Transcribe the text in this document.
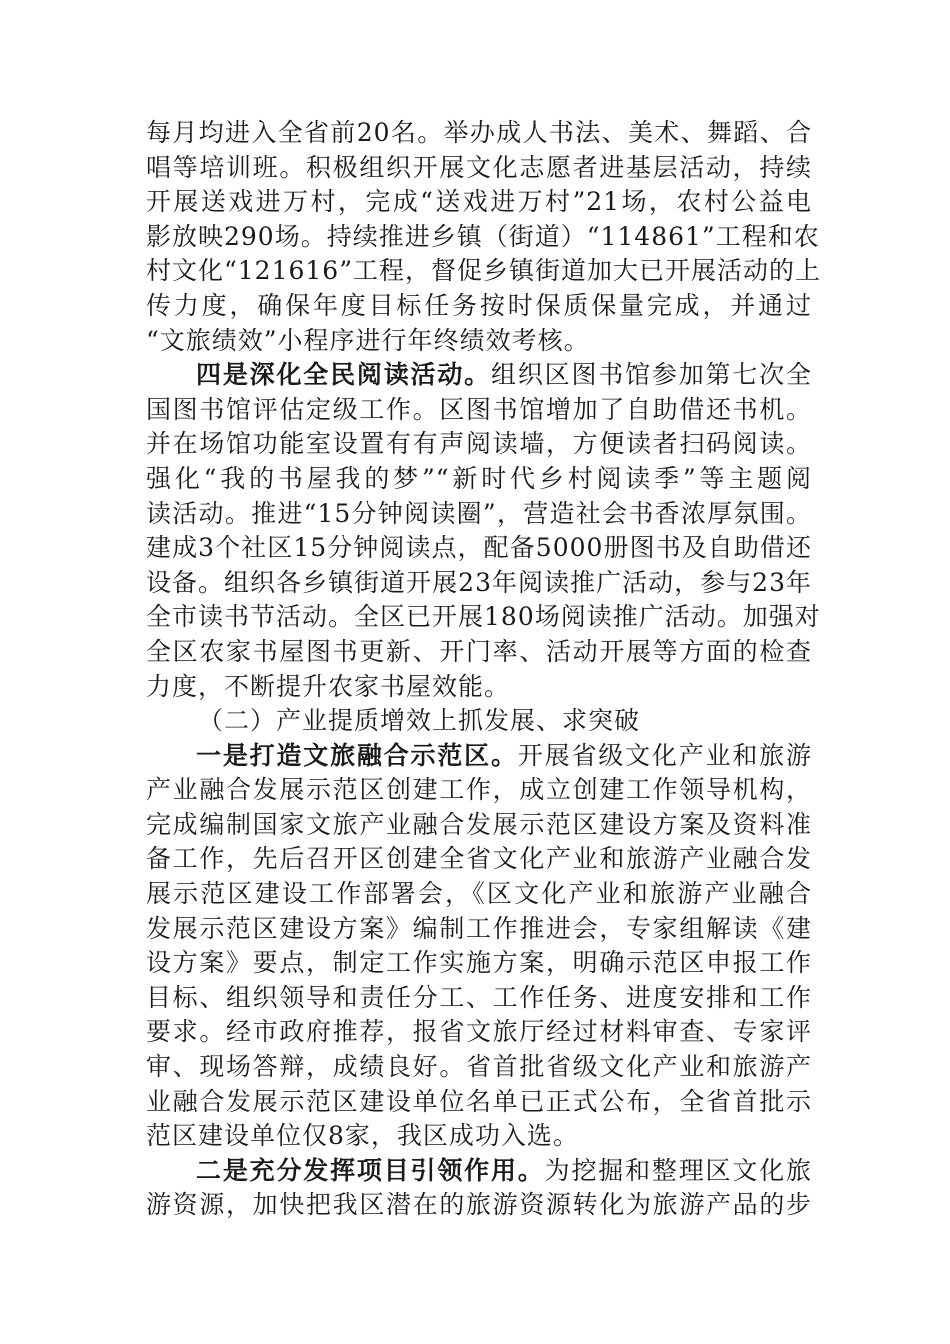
每月均进入全省前20名。举办成人书法、美术、舞蹈、合
唱等培训班。积极组织开展文化志愿者进基层活动，持续
开展送戏进万村，完成“送戏进万村”21场，农村公益电
影放映290场。持续推进乡镇（街道）“114861”工程和农
村文化“121616”工程，督促乡镇街道加大已开展活动的上
传力度，确保年度目标任务按时保质保量完成，并通过
“文旅绩效”小程序进行年终绩效考核。
四是深化全民阅读活动。组织区图书馆参加第七次全
国图书馆评估定级工作。区图书馆增加了自助借还书机。
并在场馆功能室设置有有声阅读墙，方便读者扫码阅读。
强化“我的书屋我的梦”“新时代乡村阅读季”等主题阅
读活动。推进“15分钟阅读圈”，营造社会书香浓厚氛围。
建成3个社区15分钟阅读点，配备5000册图书及自助借还
设备。组织各乡镇街道开展23年阅读推广活动，参与23年
全市读书节活动。全区已开展180场阅读推广活动。加强对
全区农家书屋图书更新、开门率、活动开展等方面的检查
力度，不断提升农家书屋效能。
（二）产业提质增效上抓发展、求突破
一是打造文旅融合示范区。开展省级文化产业和旅游
产业融合发展示范区创建工作，成立创建工作领导机构，
完成编制国家文旅产业融合发展示范区建设方案及资料准
备工作，先后召开区创建全省文化产业和旅游产业融合发
展示范区建设工作部署会，《区文化产业和旅游产业融合
发展示范区建设方案》编制工作推进会，专家组解读《建
设方案》要点，制定工作实施方案，明确示范区申报工作
目标、组织领导和责任分工、工作任务、进度安排和工作
要求。经市政府推荐，报省文旅厅经过材料审查、专家评
审、现场答辩，成绩良好。省首批省级文化产业和旅游产
业融合发展示范区建设单位名单已正式公布，全省首批示
范区建设单位仅8家，我区成功入选。
二是充分发挥项目引领作用。为挖掘和整理区文化旅
游资源，加快把我区潜在的旅游资源转化为旅游产品的步
